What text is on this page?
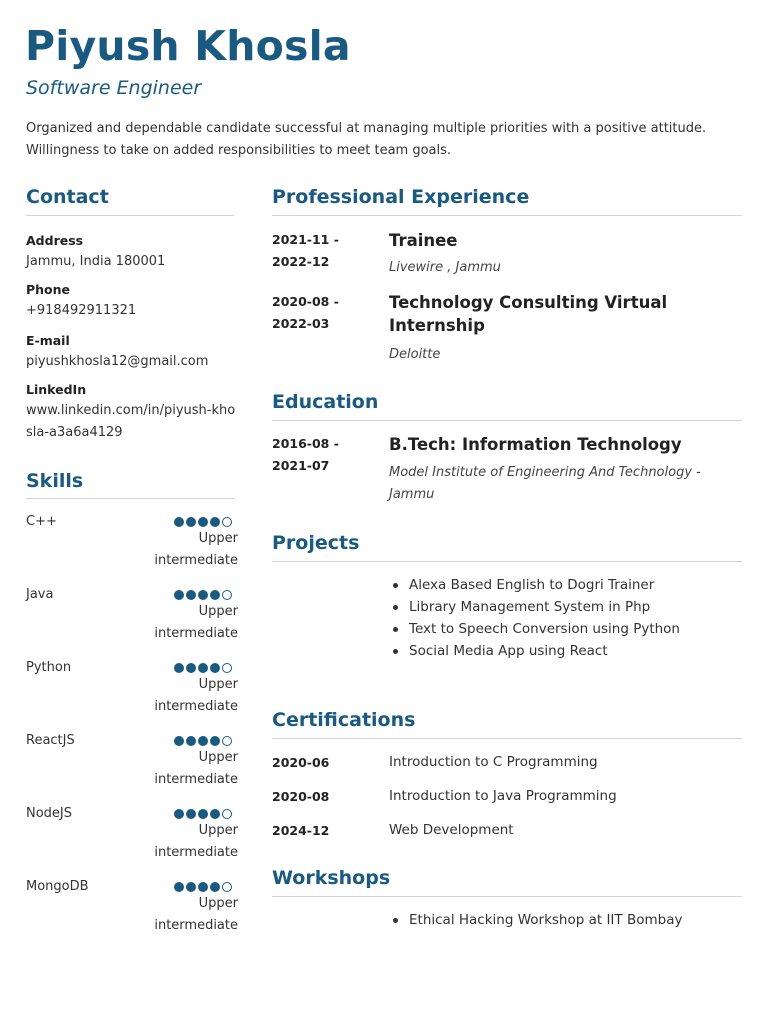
Piyush Khosla
Software Engineer
Organized and dependable candidate successful at managing multiple priorities with a positive attitude. Willingness to take on added responsibilities to meet team goals.
Contact
Address
Jammu, India 180001
Phone
+918492911321
E-mail
piyushkhosla12@gmail.com
LinkedIn
www.linkedin.com/in/piyush-khosla-a3a6a4129
Skills
C++
Upper intermediate
Java
Upper intermediate
Python
Upper intermediate
ReactJS
Upper intermediate
NodeJS
Upper intermediate
MongoDB
Upper intermediate
Professional Experience
2021-11 - 2022-12
Trainee
Livewire , Jammu
2020-08 - 2022-03
Technology Consulting Virtual Internship
Deloitte
Education
2016-08 - 2021-07
B.Tech: Information Technology
Model Institute of Engineering And Technology - Jammu
Projects
Alexa Based English to Dogri Trainer
Library Management System in Php
Text to Speech Conversion using Python
Social Media App using React
Certifications
2020-06	Introduction to C Programming
2020-08	Introduction to Java Programming
2024-12	Web Development
Workshops
Ethical Hacking Workshop at IIT Bombay
